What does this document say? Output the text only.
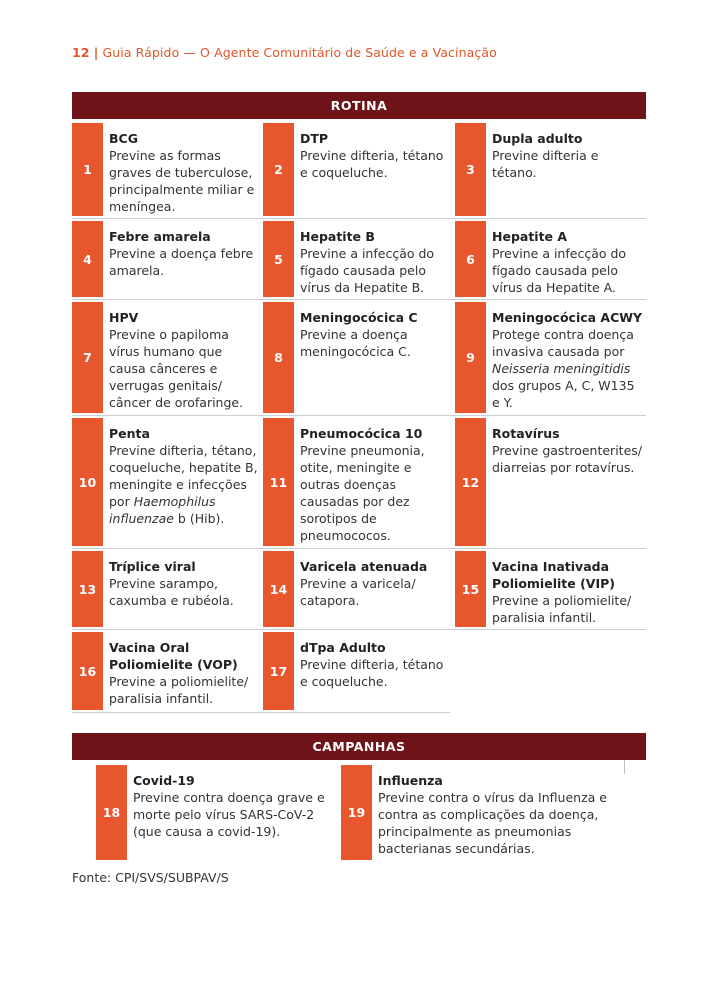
12 | Guia Rápido — O Agente Comunitário de Saúde e a Vacinação
ROTINA
1
BCG
Previne as formas graves de tuberculose, principalmente miliar e meníngea.
2
DTP
Previne difteria, tétano e coqueluche.	3
Dupla adulto
Previne difteria e tétano.
4
Febre amarela
Previne a doença febre amarela.
5
Hepatite B
Previne a infecção do fígado causada pelo vírus da Hepatite B.
6
Hepatite A
Previne a infecção do fígado causada pelo vírus da Hepatite A.
7
HPV
Previne o papiloma vírus humano que causa cânceres e verrugas genitais/ câncer de orofaringe.
8
Meningocócica C
Previne a doença meningocócica C.	9
Meningocócica ACWY
Protege contra doença invasiva causada por Neisseria meningitidis dos grupos A, C, W135 e Y.
10
Penta
Previne difteria, tétano, coqueluche, hepatite B, meningite e infecções por Haemophilus influenzae b (Hib).
11
Pneumocócica 10
Previne pneumonia, otite, meningite e outras doenças causadas por dez sorotipos de pneumococos.
12
Rotavírus
Previne gastroenterites/ diarreias por rotavírus.
13
Tríplice viral
Previne sarampo, caxumba e rubéola.
14
Varicela atenuada
Previne a varicela/ catapora.
15
Vacina Inativada Poliomielite (VIP)
Previne a poliomielite/ paralisia infantil.
16
Vacina Oral Poliomielite (VOP)
Previne a poliomielite/ paralisia infantil.
17
dTpa Adulto
Previne difteria, tétano e coqueluche.
18
Covid-19
Previne contra doença grave e morte pelo vírus SARS-CoV-2 (que causa a covid-19).
19
Influenza
Previne contra o vírus da Influenza e contra as complicações da doença, principalmente as pneumonias bacterianas secundárias.
CAMPANHAS
Fonte: CPI/SVS/SUBPAV/S
